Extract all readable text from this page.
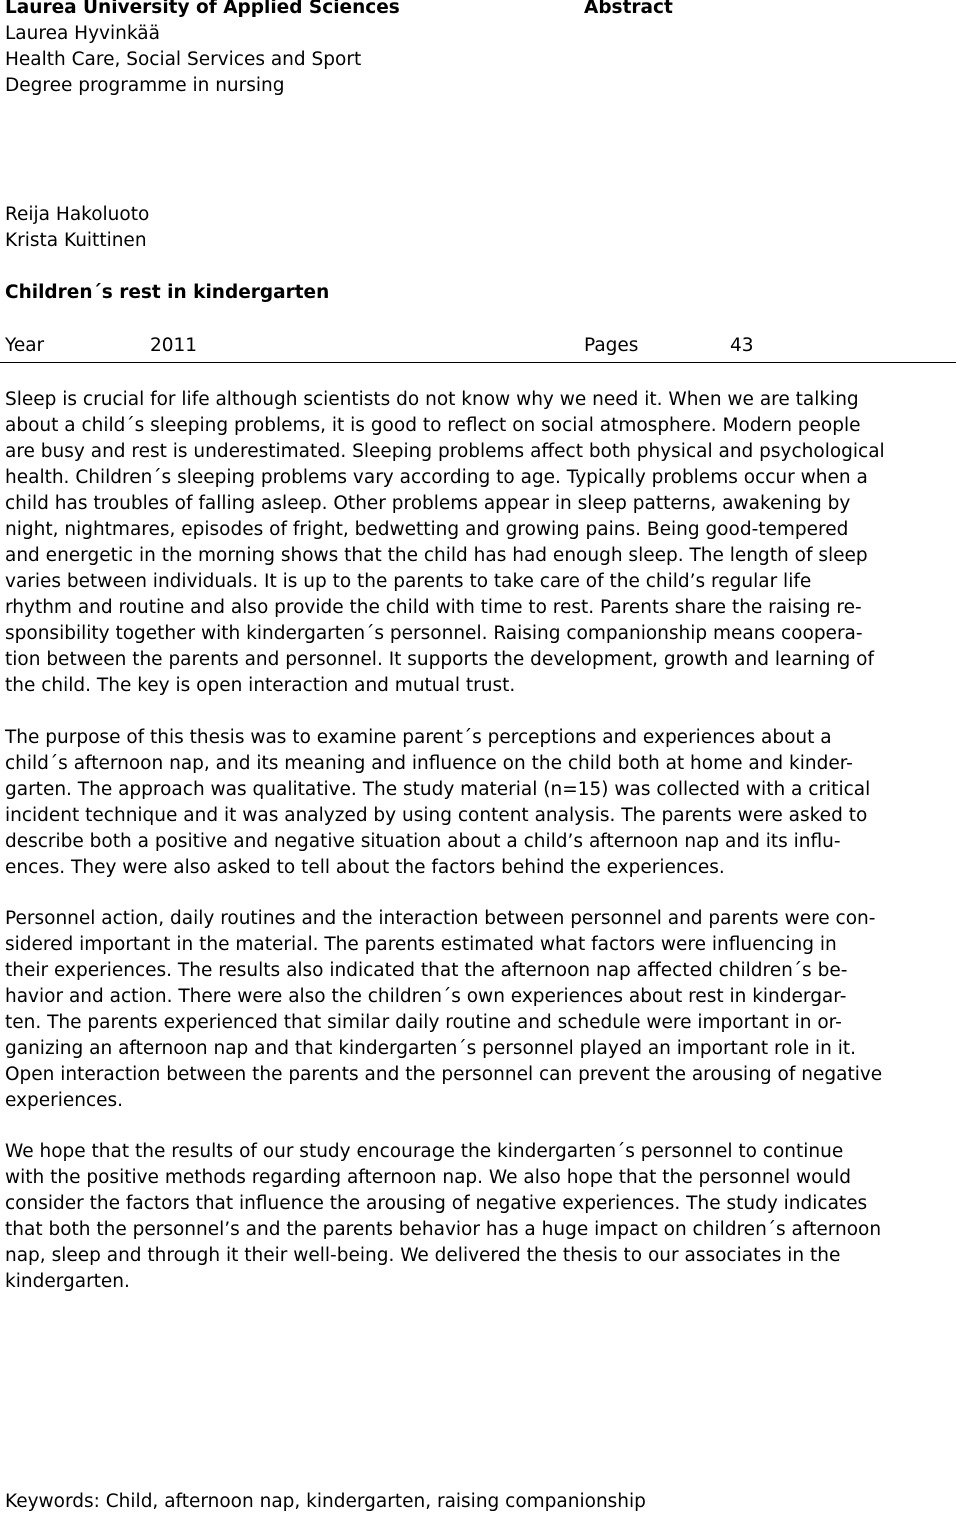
Laurea University of Applied Sciences
Laurea Hyvinkää
Health Care, Social Services and Sport
Degree programme in nursing
Abstract
Reija Hakoluoto
Krista Kuittinen
Children´s rest in kindergarten
Year	2011	Pages	43
Sleep is crucial for life although scientists do not know why we need it. When we are talking
about a child´s sleeping problems, it is good to reflect on social atmosphere. Modern people
are busy and rest is underestimated. Sleeping problems affect both physical and psychological
health. Children´s sleeping problems vary according to age. Typically problems occur when a
child has troubles of falling asleep. Other problems appear in sleep patterns, awakening by
night, nightmares, episodes of fright, bedwetting and growing pains. Being good-tempered
and energetic in the morning shows that the child has had enough sleep. The length of sleep
varies between individuals. It is up to the parents to take care of the child’s regular life
rhythm and routine and also provide the child with time to rest. Parents share the raising re-
sponsibility together with kindergarten´s personnel. Raising companionship means coopera-
tion between the parents and personnel. It supports the development, growth and learning of
the child. The key is open interaction and mutual trust.
The purpose of this thesis was to examine parent´s perceptions and experiences about a
child´s afternoon nap, and its meaning and influence on the child both at home and kinder-
garten. The approach was qualitative. The study material (n=15) was collected with a critical
incident technique and it was analyzed by using content analysis. The parents were asked to
describe both a positive and negative situation about a child’s afternoon nap and its influ-
ences. They were also asked to tell about the factors behind the experiences.
Personnel action, daily routines and the interaction between personnel and parents were con-
sidered important in the material. The parents estimated what factors were influencing in
their experiences. The results also indicated that the afternoon nap affected children´s be-
havior and action. There were also the children´s own experiences about rest in kindergar-
ten. The parents experienced that similar daily routine and schedule were important in or-
ganizing an afternoon nap and that kindergarten´s personnel played an important role in it.
Open interaction between the parents and the personnel can prevent the arousing of negative
experiences.
We hope that the results of our study encourage the kindergarten´s personnel to continue
with the positive methods regarding afternoon nap. We also hope that the personnel would
consider the factors that influence the arousing of negative experiences. The study indicates
that both the personnel’s and the parents behavior has a huge impact on children´s afternoon
nap, sleep and through it their well-being. We delivered the thesis to our associates in the
kindergarten.
Keywords: Child, afternoon nap, kindergarten, raising companionship
